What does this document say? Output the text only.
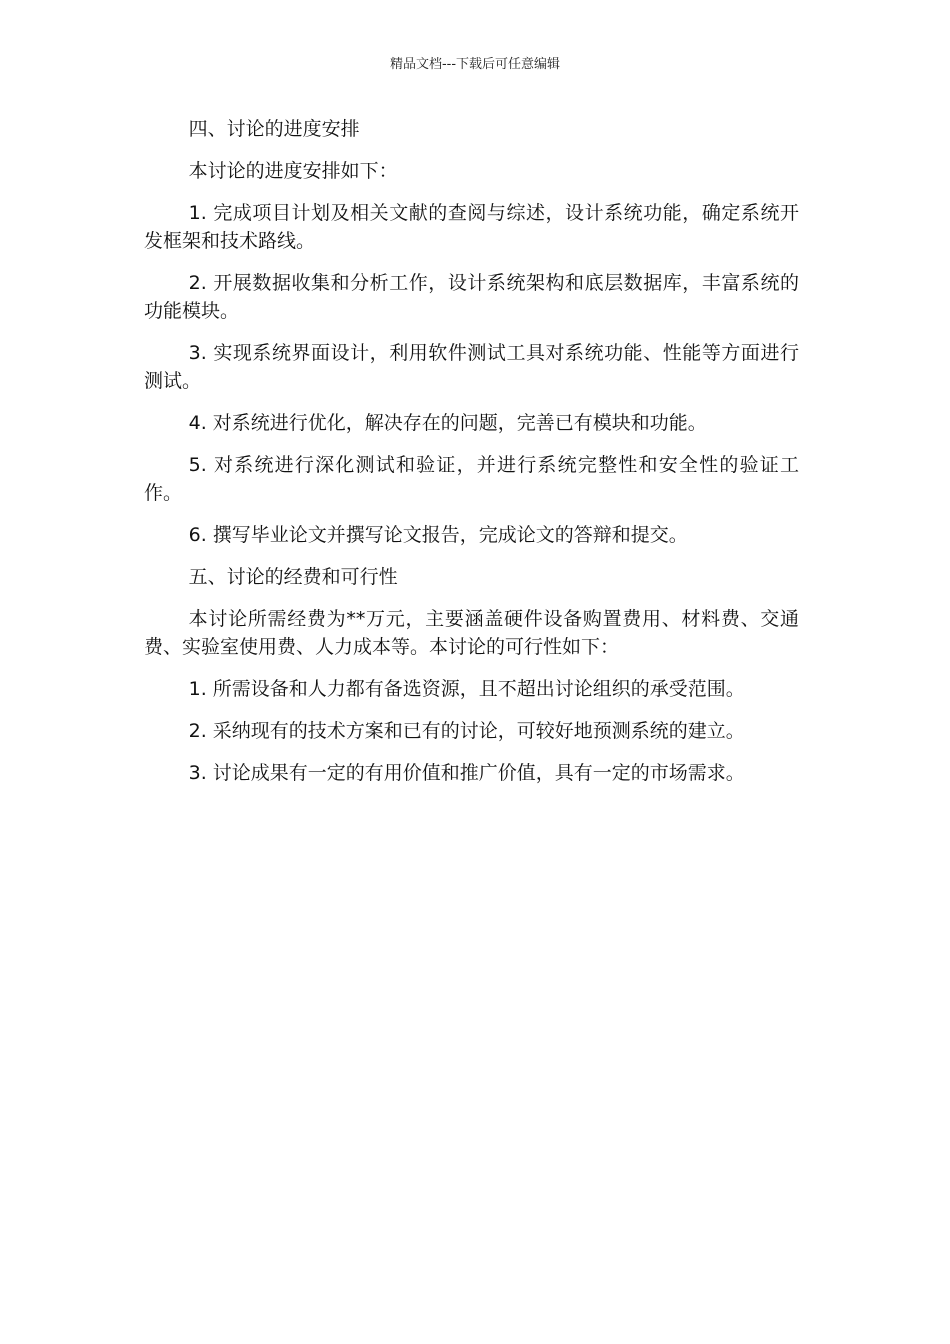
精品文档---下载后可任意编辑

四、讨论的进度安排

本讨论的进度安排如下：

1. 完成项目计划及相关文献的查阅与综述，设计系统功能，确定系统开发框架和技术路线。

2. 开展数据收集和分析工作，设计系统架构和底层数据库，丰富系统的功能模块。

3. 实现系统界面设计，利用软件测试工具对系统功能、性能等方面进行测试。

4. 对系统进行优化，解决存在的问题，完善已有模块和功能。

5. 对系统进行深化测试和验证，并进行系统完整性和安全性的验证工作。

6. 撰写毕业论文并撰写论文报告，完成论文的答辩和提交。

五、讨论的经费和可行性

本讨论所需经费为**万元，主要涵盖硬件设备购置费用、材料费、交通费、实验室使用费、人力成本等。本讨论的可行性如下：

1. 所需设备和人力都有备选资源，且不超出讨论组织的承受范围。

2. 采纳现有的技术方案和已有的讨论，可较好地预测系统的建立。

3. 讨论成果有一定的有用价值和推广价值，具有一定的市场需求。
